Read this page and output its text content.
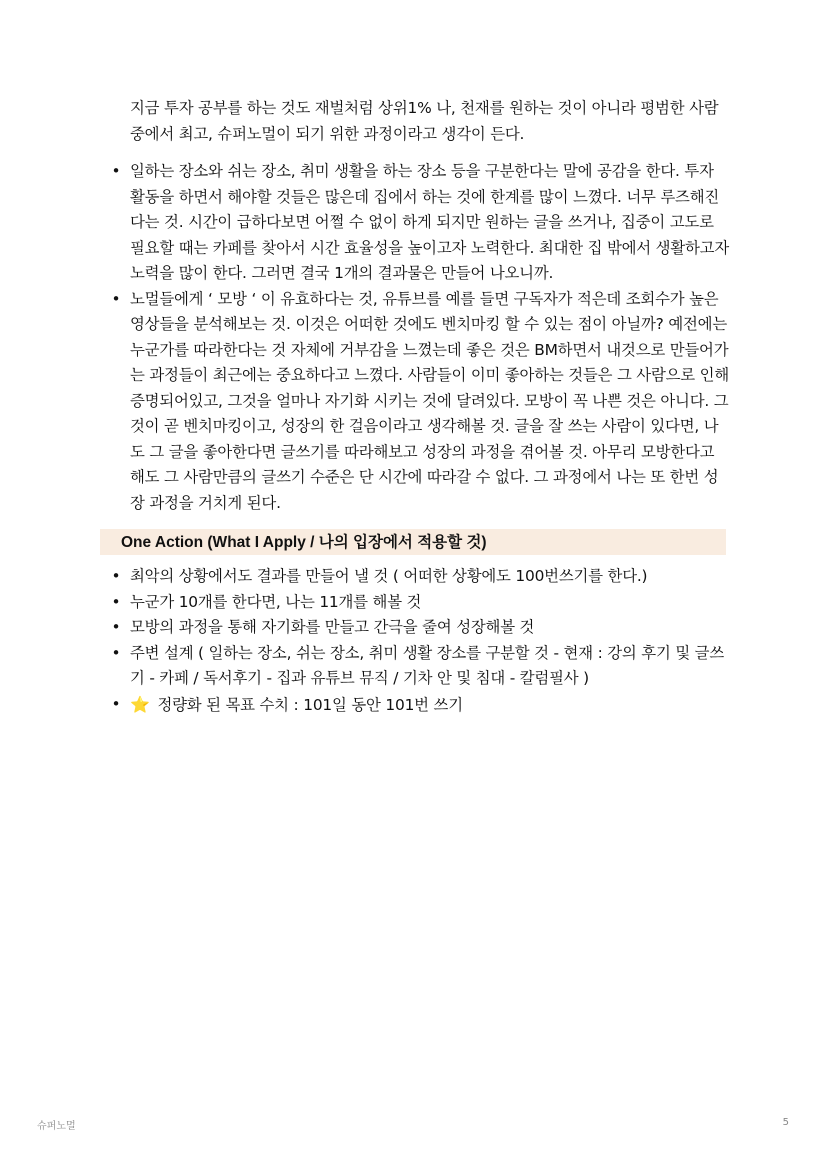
지금 투자 공부를 하는 것도 재벌처럼 상위1% 나, 천재를 원하는 것이 아니라 평범한 사람 중에서 최고, 슈퍼노멀이 되기 위한 과정이라고 생각이 든다.

• 일하는 장소와 쉬는 장소, 취미 생활을 하는 장소 등을 구분한다는 말에 공감을 한다. 투자 활동을 하면서 해야할 것들은 많은데 집에서 하는 것에 한계를 많이 느꼈다. 너무 루즈해진다는 것. 시간이 급하다보면 어쩔 수 없이 하게 되지만 원하는 글을 쓰거나, 집중이 고도로 필요할 때는 카페를 찾아서 시간 효율성을 높이고자 노력한다. 최대한 집 밖에서 생활하고자 노력을 많이 한다. 그러면 결국 1개의 결과물은 만들어 나오니까.
• 노멀들에게 ‘ 모방 ‘ 이 유효하다는 것, 유튜브를 예를 들면 구독자가 적은데 조회수가 높은 영상들을 분석해보는 것. 이것은 어떠한 것에도 벤치마킹 할 수 있는 점이 아닐까? 예전에는 누군가를 따라한다는 것 자체에 거부감을 느꼈는데 좋은 것은 BM하면서 내것으로 만들어가는 과정들이 최근에는 중요하다고 느꼈다. 사람들이 이미 좋아하는 것들은 그 사람으로 인해 증명되어있고, 그것을 얼마나 자기화 시키는 것에 달려있다. 모방이 꼭 나쁜 것은 아니다. 그것이 곧 벤치마킹이고, 성장의 한 걸음이라고 생각해볼 것. 글을 잘 쓰는 사람이 있다면, 나도 그 글을 좋아한다면 글쓰기를 따라해보고 성장의 과정을 겪어볼 것. 아무리 모방한다고 해도 그 사람만큼의 글쓰기 수준은 단 시간에 따라갈 수 없다. 그 과정에서 나는 또 한번 성장 과정을 거치게 된다.
One Action (What I Apply / 나의 입장에서 적용할 것)
• 최악의 상황에서도 결과를 만들어 낼 것 ( 어떠한 상황에도 100번쓰기를 한다.)
• 누군가 10개를 한다면, 나는 11개를 해볼 것
• 모방의 과정을 통해 자기화를 만들고 간극을 줄여 성장해볼 것
• 주변 설계 ( 일하는 장소, 쉬는 장소, 취미 생활 장소를 구분할 것 - 현재 : 강의 후기 및 글쓰기 - 카페 / 독서후기 - 집과 유튜브 뮤직 / 기차 안 및 침대 - 칼럼필사 )
• ⭐ 정량화 된 목표 수치 : 101일 동안 101번 쓰기
슈퍼노멀	5
